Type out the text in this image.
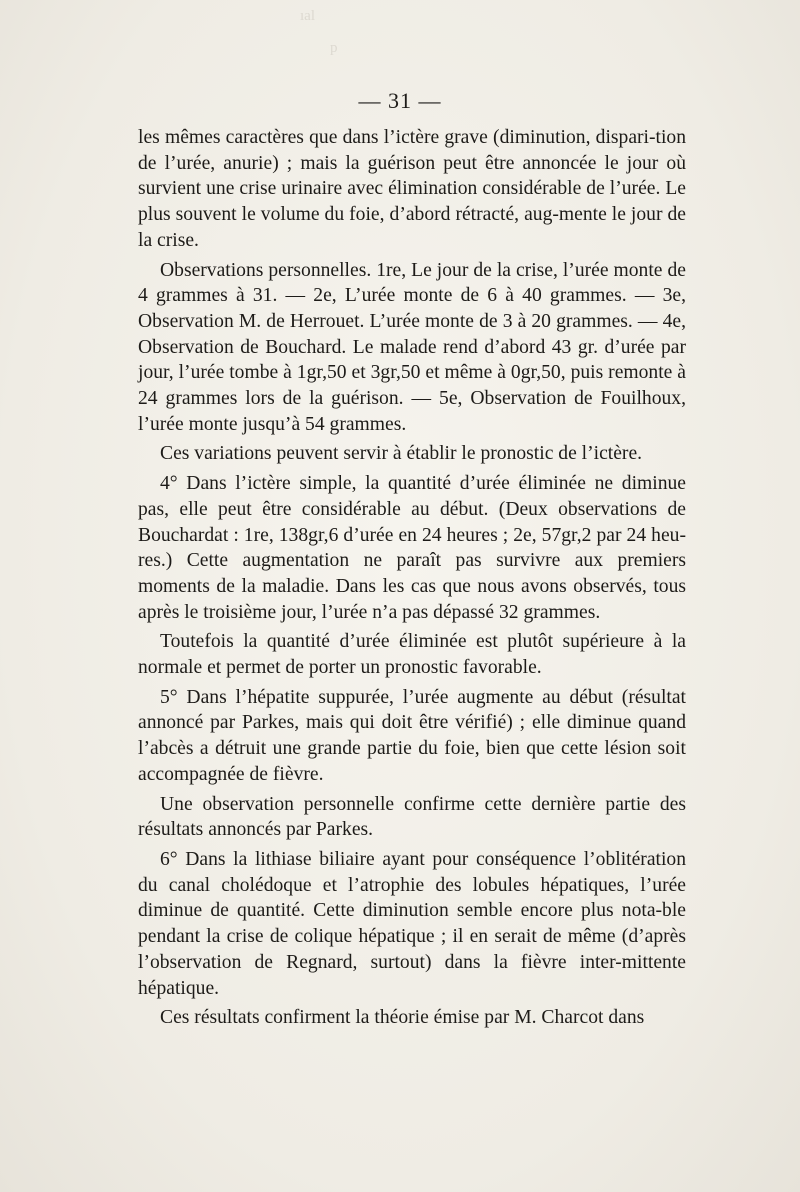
ıal
p
— 31 —

les mêmes caractères que dans l’ictère grave (diminution, dispari-tion de l’urée, anurie) ; mais la guérison peut être annoncée le jour où survient une crise urinaire avec élimination considérable de l’urée. Le plus souvent le volume du foie, d’abord rétracté, aug-mente le jour de la crise.

Observations personnelles. 1re, Le jour de la crise, l’urée monte de 4 grammes à 31. — 2e, L’urée monte de 6 à 40 grammes. — 3e, Observation M. de Herrouet. L’urée monte de 3 à 20 grammes. — 4e, Observation de Bouchard. Le malade rend d’abord 43 gr. d’urée par jour, l’urée tombe à 1gr,50 et 3gr,50 et même à 0gr,50, puis remonte à 24 grammes lors de la guérison. — 5e, Observation de Fouilhoux, l’urée monte jusqu’à 54 grammes.

Ces variations peuvent servir à établir le pronostic de l’ictère.

4° Dans l’ictère simple, la quantité d’urée éliminée ne diminue pas, elle peut être considérable au début. (Deux observations de Bouchardat : 1re, 138gr,6 d’urée en 24 heures ; 2e, 57gr,2 par 24 heu-res.) Cette augmentation ne paraît pas survivre aux premiers moments de la maladie. Dans les cas que nous avons observés, tous après le troisième jour, l’urée n’a pas dépassé 32 grammes.

Toutefois la quantité d’urée éliminée est plutôt supérieure à la normale et permet de porter un pronostic favorable.

5° Dans l’hépatite suppurée, l’urée augmente au début (résultat annoncé par Parkes, mais qui doit être vérifié) ; elle diminue quand l’abcès a détruit une grande partie du foie, bien que cette lésion soit accompagnée de fièvre.

Une observation personnelle confirme cette dernière partie des résultats annoncés par Parkes.

6° Dans la lithiase biliaire ayant pour conséquence l’oblitération du canal cholédoque et l’atrophie des lobules hépatiques, l’urée diminue de quantité. Cette diminution semble encore plus nota-ble pendant la crise de colique hépatique ; il en serait de même (d’après l’observation de Regnard, surtout) dans la fièvre inter-mittente hépatique.

Ces résultats confirment la théorie émise par M. Charcot dans
